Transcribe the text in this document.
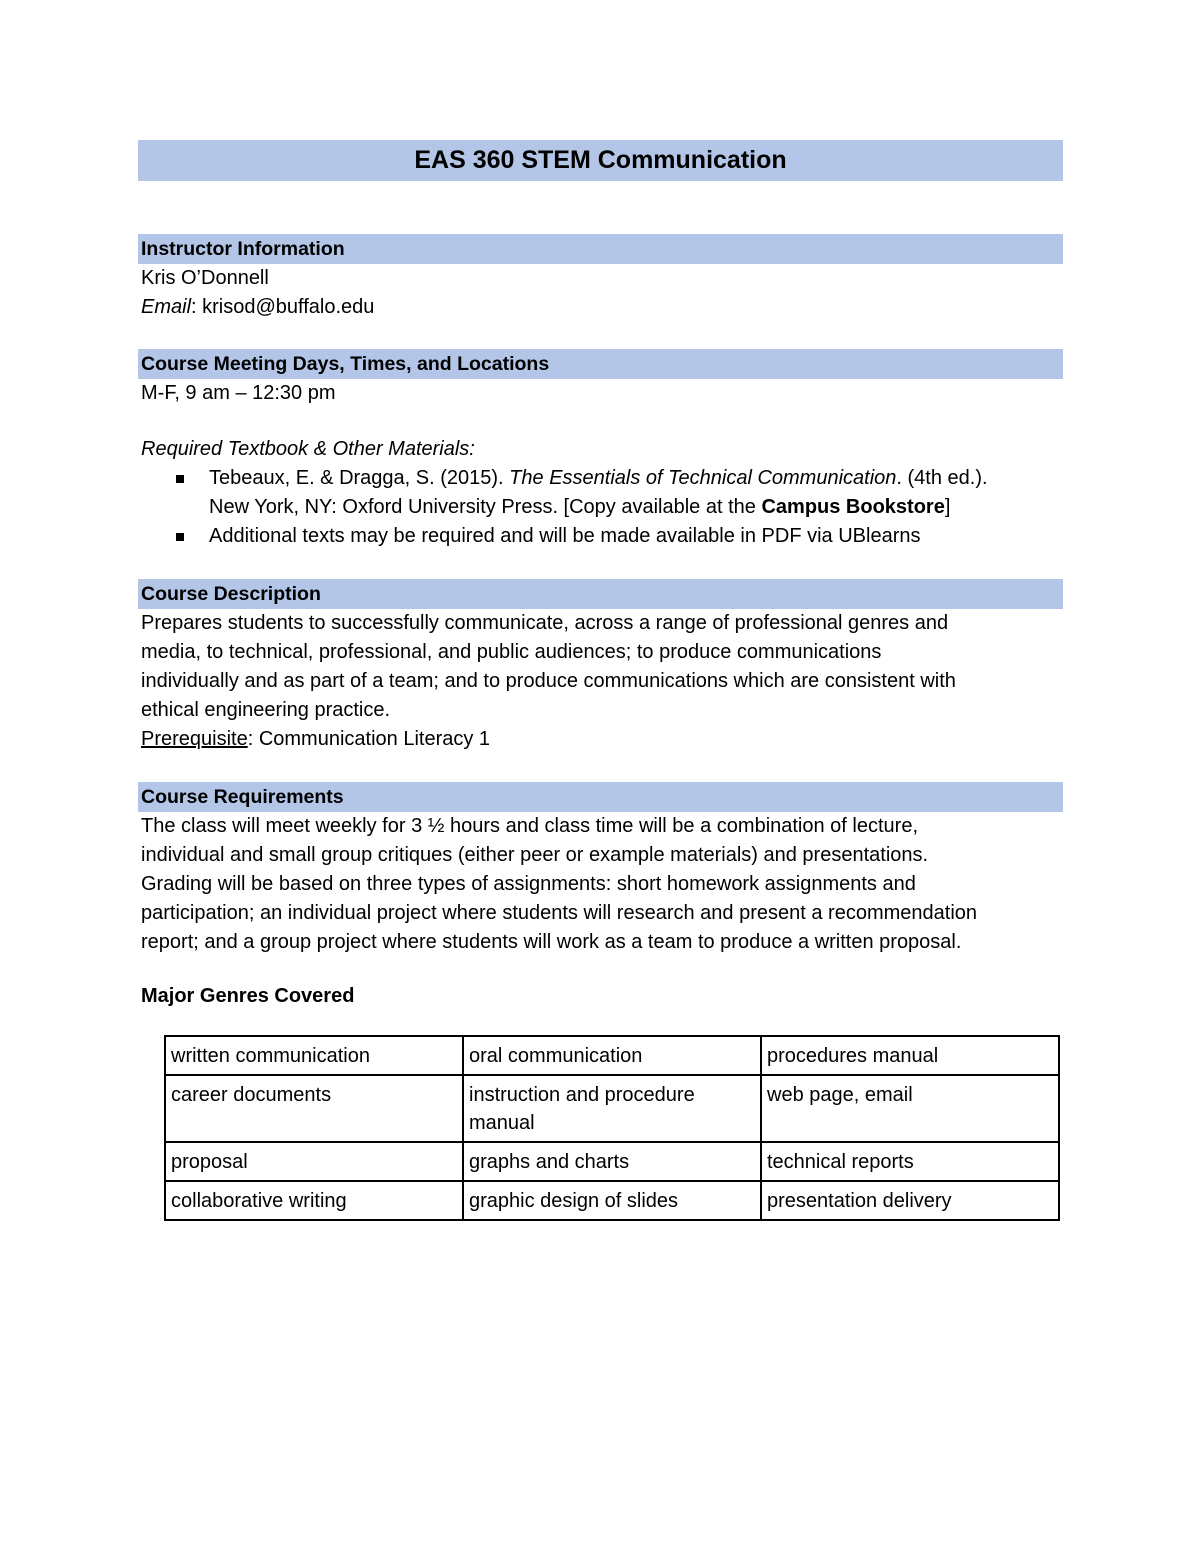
EAS 360 STEM Communication
Instructor Information
Kris O’Donnell
Email: krisod@buffalo.edu
Course Meeting Days, Times, and Locations
M-F, 9 am – 12:30 pm
Required Textbook & Other Materials:
Tebeaux, E. & Dragga, S. (2015). The Essentials of Technical Communication. (4th ed.).
New York, NY: Oxford University Press. [Copy available at the Campus Bookstore]
Additional texts may be required and will be made available in PDF via UBlearns
Course Description
Prepares students to successfully communicate, across a range of professional genres and
media, to technical, professional, and public audiences; to produce communications
individually and as part of a team; and to produce communications which are consistent with
ethical engineering practice.
Prerequisite: Communication Literacy 1
Course Requirements
The class will meet weekly for 3 ½ hours and class time will be a combination of lecture,
individual and small group critiques (either peer or example materials) and presentations.
Grading will be based on three types of assignments: short homework assignments and
participation; an individual project where students will research and present a recommendation
report; and a group project where students will work as a team to produce a written proposal.
Major Genres Covered
written communication	oral communication	procedures manual
career documents	instruction and procedure manual	web page, email
proposal	graphs and charts	technical reports
collaborative writing	graphic design of slides	presentation delivery
